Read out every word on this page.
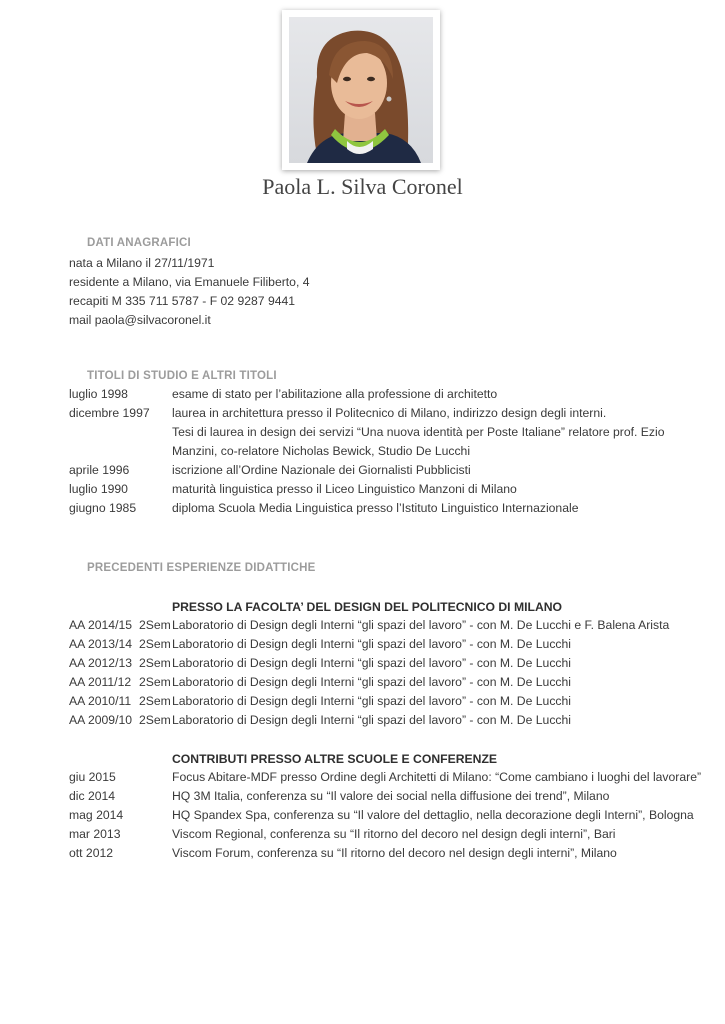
Paola L. Silva Coronel
DATI ANAGRAFICI
nata a Milano il 27/11/1971
residente a Milano, via Emanuele Filiberto, 4
recapiti M 335 711 5787 - F 02 9287 9441
mail paola@silvacoronel.it
TITOLI DI STUDIO E ALTRI TITOLI
luglio 1998	esame di stato per l’abilitazione alla professione di architetto
dicembre 1997 laurea in architettura presso il Politecnico di Milano, indirizzo design degli interni.
Tesi di laurea in design dei servizi “Una nuova identità per Poste Italiane” relatore prof. Ezio
Manzini, co-relatore Nicholas Bewick, Studio De Lucchi
aprile 1996	iscrizione all’Ordine Nazionale dei Giornalisti Pubblicisti
luglio 1990	maturità linguistica presso il Liceo Linguistico Manzoni di Milano
giugno 1985	diploma Scuola Media Linguistica presso l’Istituto Linguistico Internazionale
PRECEDENTI ESPERIENZE DIDATTICHE
PRESSO LA FACOLTA’ DEL DESIGN DEL POLITECNICO DI MILANO
AA 2014/15 2Sem Laboratorio di Design degli Interni “gli spazi del lavoro” - con M. De Lucchi e F. Balena Arista
AA 2013/14 2Sem Laboratorio di Design degli Interni “gli spazi del lavoro” - con M. De Lucchi
AA 2012/13 2Sem Laboratorio di Design degli Interni “gli spazi del lavoro” - con M. De Lucchi
AA 2011/12 2Sem Laboratorio di Design degli Interni “gli spazi del lavoro” - con M. De Lucchi
AA 2010/11 2Sem Laboratorio di Design degli Interni “gli spazi del lavoro” - con M. De Lucchi
AA 2009/10 2Sem Laboratorio di Design degli Interni “gli spazi del lavoro” - con M. De Lucchi
CONTRIBUTI PRESSO ALTRE SCUOLE E CONFERENZE
giu 2015	Focus Abitare-MDF presso Ordine degli Architetti di Milano: “Come cambiano i luoghi del lavorare”
dic 2014	HQ 3M Italia, conferenza su “Il valore dei social nella diffusione dei trend”, Milano
mag 2014	HQ Spandex Spa, conferenza su “Il valore del dettaglio, nella decorazione degli Interni”, Bologna
mar 2013	Viscom Regional, conferenza su “Il ritorno del decoro nel design degli interni”, Bari
ott 2012	Viscom Forum, conferenza su “Il ritorno del decoro nel design degli interni”, Milano
